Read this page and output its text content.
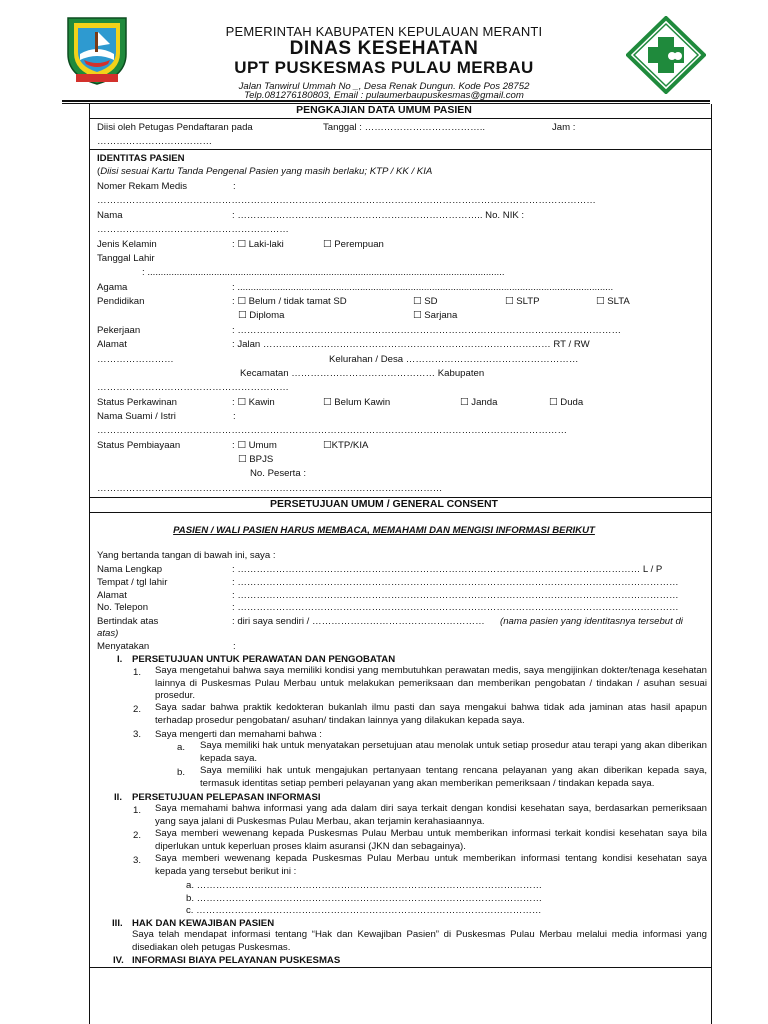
PEMERINTAH KABUPATEN KEPULAUAN MERANTI
DINAS KESEHATAN
UPT PUSKESMAS PULAU MERBAU
Jalan Tanwirul Ummah No _, Desa Renak Dungun. Kode Pos 28752
Telp.081276180803, Email : pulaumerbaupuskesmas@gmail.com
PENGKAJIAN DATA UMUM PASIEN
Diisi oleh Petugas Pendaftaran pada	Tanggal : ………………………………..	Jam :
………………………………
IDENTITAS PASIEN
(Diisi sesuai Kartu Tanda Pengenal Pasien yang masih berlaku; KTP / KK / KIA
Nomer Rekam Medis	:
…………………………………………………………………………………………………………………………………………
Nama	: ………………………………………………………………….. No. NIK :
……………………………………………………
Jenis Kelamin	: ☐ Laki-laki	☐ Perempuan
Tanggal Lahir
: ......................................................................................................................................
Agama	: .............................................................................................................................................
Pendidikan	: ☐ Belum / tidak tamat SD	☐ SD	☐ SLTP	☐ SLTA
☐ Diploma	☐ Sarjana
Pekerjaan	: …………………………………………………………………………………………………………
Alamat	: Jalan ……………………………………………………………………………… RT / RW
……………………	Kelurahan / Desa ………………………………………………
Kecamatan ……………………………………… Kabupaten
……………………………………………………
Status Perkawinan	: ☐ Kawin	☐ Belum Kawin	☐ Janda	☐ Duda
Nama Suami / Istri	:
…………………………………………………………………………………………………………………………………
Status Pembiayaan	: ☐ Umum	☐KTP/KIA
☐ BPJS
No. Peserta :
………………………………………………………………………………………………
PERSETUJUAN UMUM / GENERAL CONSENT
PASIEN / WALI PASIEN HARUS MEMBACA, MEMAHAMI DAN MENGISI INFORMASI BERIKUT
Yang bertanda tangan di bawah ini, saya :
Nama Lengkap	: ……………………………………………………………………………………………………………… L / P
Tempat / tgl lahir	: …………………………………………………………………………………………………………………………
Alamat	: …………………………………………………………………………………………………………………………
No. Telepon	: …………………………………………………………………………………………………………………………
Bertindak atas	: diri saya sendiri / ……………………………………………… (nama pasien yang identitasnya tersebut di
atas)
Menyatakan	:
I. PERSETUJUAN UNTUK PERAWATAN DAN PENGOBATAN
1. Saya mengetahui bahwa saya memiliki kondisi yang membutuhkan perawatan medis, saya mengijinkan dokter/tenaga kesehatan lainnya di Puskesmas Pulau Merbau untuk melakukan pemeriksaan dan memberikan pengobatan / tindakan / asuhan sesuai prosedur.
2. Saya sadar bahwa praktik kedokteran bukanlah ilmu pasti dan saya mengakui bahwa tidak ada jaminan atas hasil apapun terhadap prosedur pengobatan/ asuhan/ tindakan lainnya yang dilakukan kepada saya.
3. Saya mengerti dan memahami bahwa :
a. Saya memiliki hak untuk menyatakan persetujuan atau menolak untuk setiap prosedur atau terapi yang akan diberikan kepada saya.
b. Saya memiliki hak untuk mengajukan pertanyaan tentang rencana pelayanan yang akan diberikan kepada saya, termasuk identitas setiap pemberi pelayanan yang akan memberikan pemeriksaan / tindakan kepada saya.
II. PERSETUJUAN PELEPASAN INFORMASI
1. Saya memahami bahwa informasi yang ada dalam diri saya terkait dengan kondisi kesehatan saya, berdasarkan pemeriksaan yang saya jalani di Puskesmas Pulau Merbau, akan terjamin kerahasiaannya.
2. Saya memberi wewenang kepada Puskesmas Pulau Merbau untuk memberikan informasi terkait kondisi kesehatan saya bila diperlukan untuk keperluan proses klaim asuransi (JKN dan sebagainya).
3. Saya memberi wewenang kepada Puskesmas Pulau Merbau untuk memberikan informasi tentang kondisi kesehatan saya kepada yang tersebut berikut ini :
a. ………………………………………………………………………………………………
b. ………………………………………………………………………………………………
c. ………………………………………………………………………………………………
III. HAK DAN KEWAJIBAN PASIEN
Saya telah mendapat informasi tentang “Hak dan Kewajiban Pasien” di Puskesmas Pulau Merbau melalui media informasi yang disediakan oleh petugas Puskesmas.
IV. INFORMASI BIAYA PELAYANAN PUSKESMAS
